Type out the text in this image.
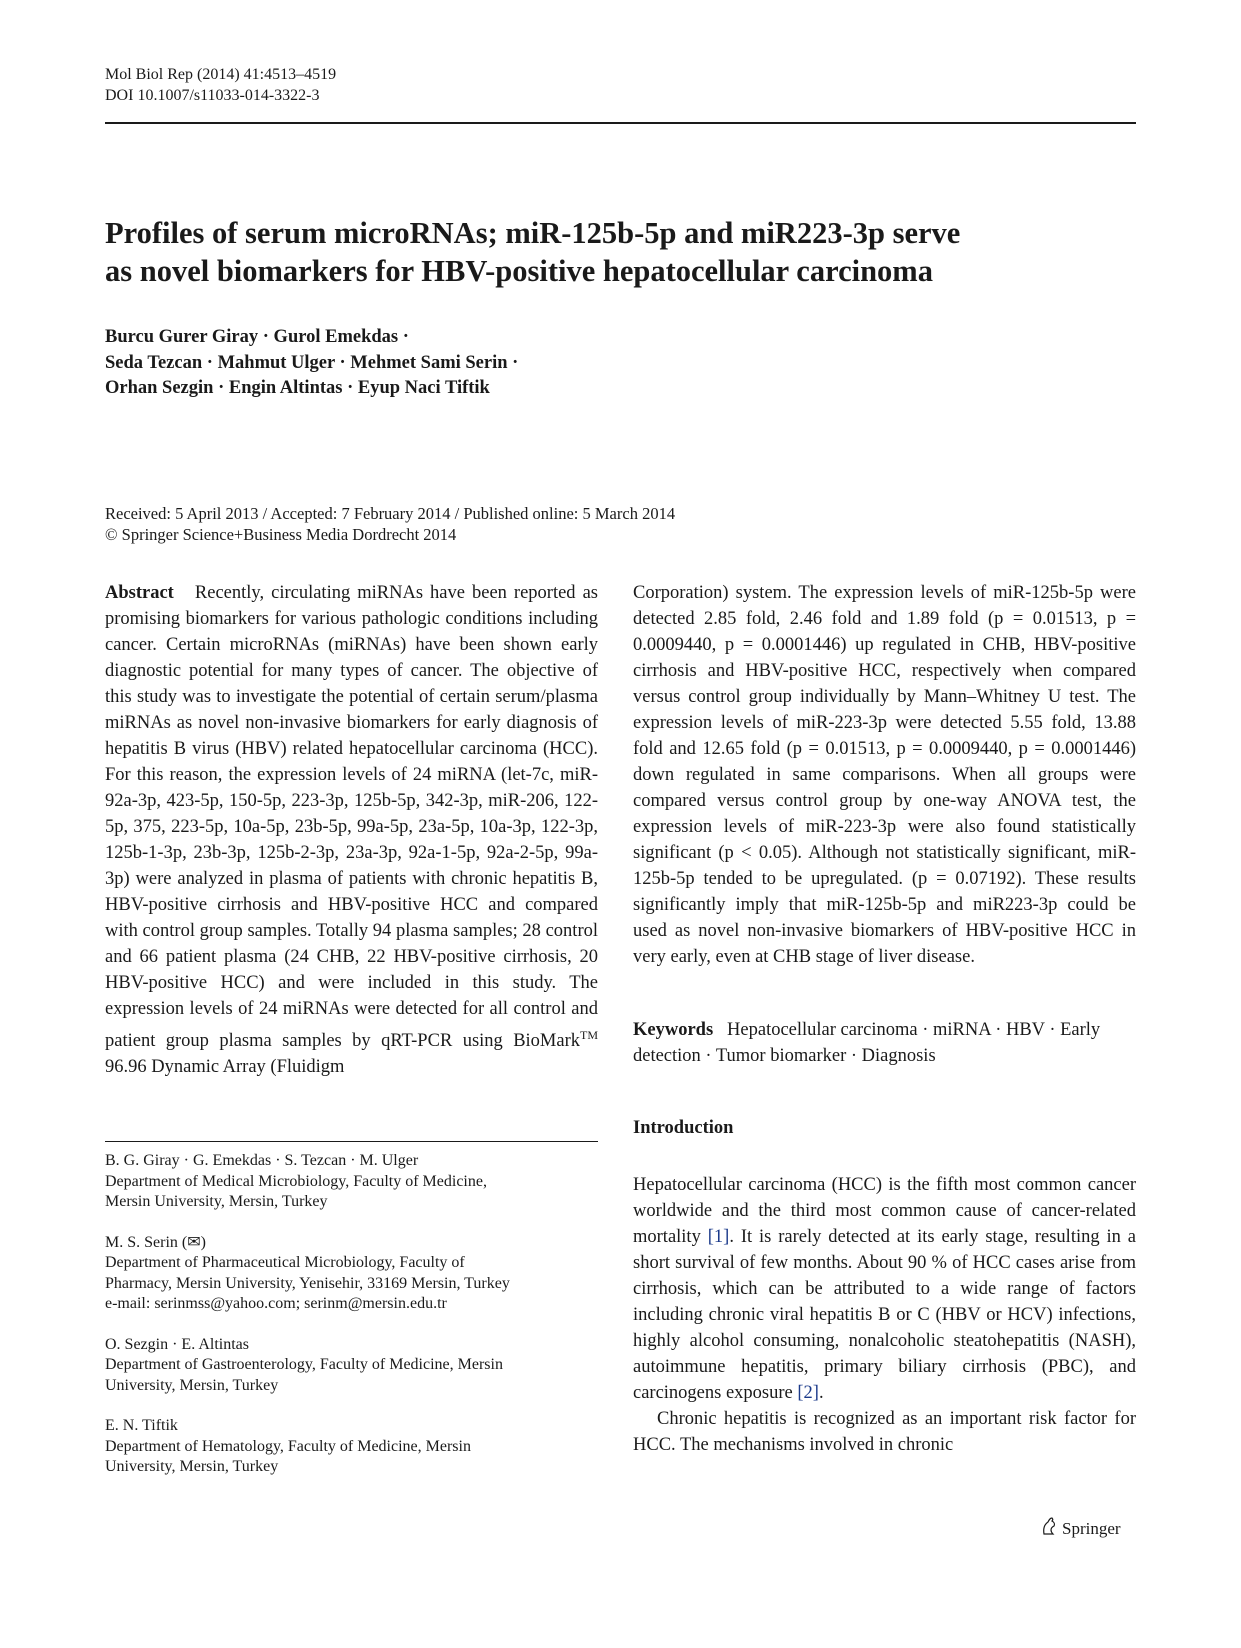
Mol Biol Rep (2014) 41:4513–4519
DOI 10.1007/s11033-014-3322-3
Profiles of serum microRNAs; miR-125b-5p and miR223-3p serve
as novel biomarkers for HBV-positive hepatocellular carcinoma
Burcu Gurer Giray · Gurol Emekdas ·
Seda Tezcan · Mahmut Ulger · Mehmet Sami Serin ·
Orhan Sezgin · Engin Altintas · Eyup Naci Tiftik
Received: 5 April 2013 / Accepted: 7 February 2014 / Published online: 5 March 2014
© Springer Science+Business Media Dordrecht 2014

Abstract Recently, circulating miRNAs have been reported as promising biomarkers for various pathologic conditions including cancer. Certain microRNAs (miRNAs) have been shown early diagnostic potential for many types of cancer. The objective of this study was to investigate the potential of certain serum/plasma miRNAs as novel non-invasive biomarkers for early diagnosis of hepatitis B virus (HBV) related hepatocellular carcinoma (HCC). For this reason, the expression levels of 24 miRNA (let-7c, miR-92a-3p, 423-5p, 150-5p, 223-3p, 125b-5p, 342-3p, miR-206, 122-5p, 375, 223-5p, 10a-5p, 23b-5p, 99a-5p, 23a-5p, 10a-3p, 122-3p, 125b-1-3p, 23b-3p, 125b-2-3p, 23a-3p, 92a-1-5p, 92a-2-5p, 99a-3p) were analyzed in plasma of patients with chronic hepatitis B, HBV-positive cirrhosis and HBV-positive HCC and compared with control group samples. Totally 94 plasma samples; 28 control and 66 patient plasma (24 CHB, 22 HBV-positive cirrhosis, 20 HBV-positive HCC) and were included in this study. The expression levels of 24 miRNAs were detected for all control and patient group plasma samples by qRT-PCR using BioMark™ 96.96 Dynamic Array (Fluidigm

Corporation) system. The expression levels of miR-125b-5p were detected 2.85 fold, 2.46 fold and 1.89 fold (p = 0.01513, p = 0.0009440, p = 0.0001446) up regulated in CHB, HBV-positive cirrhosis and HBV-positive HCC, respectively when compared versus control group individually by Mann–Whitney U test. The expression levels of miR-223-3p were detected 5.55 fold, 13.88 fold and 12.65 fold (p = 0.01513, p = 0.0009440, p = 0.0001446) down regulated in same comparisons. When all groups were compared versus control group by one-way ANOVA test, the expression levels of miR-223-3p were also found statistically significant (p < 0.05). Although not statistically significant, miR-125b-5p tended to be upregulated. (p = 0.07192). These results significantly imply that miR-125b-5p and miR223-3p could be used as novel non-invasive biomarkers of HBV-positive HCC in very early, even at CHB stage of liver disease.

Keywords Hepatocellular carcinoma · miRNA · HBV · Early detection · Tumor biomarker · Diagnosis
Introduction

Hepatocellular carcinoma (HCC) is the fifth most common cancer worldwide and the third most common cause of cancer-related mortality [1]. It is rarely detected at its early stage, resulting in a short survival of few months. About 90 % of HCC cases arise from cirrhosis, which can be attributed to a wide range of factors including chronic viral hepatitis B or C (HBV or HCV) infections, highly alcohol consuming, nonalcoholic steatohepatitis (NASH), autoimmune hepatitis, primary biliary cirrhosis (PBC), and carcinogens exposure [2].

Chronic hepatitis is recognized as an important risk factor for HCC. The mechanisms involved in chronic

B. G. Giray · G. Emekdas · S. Tezcan · M. Ulger
Department of Medical Microbiology, Faculty of Medicine,
Mersin University, Mersin, Turkey
M. S. Serin (✉)
Department of Pharmaceutical Microbiology, Faculty of
Pharmacy, Mersin University, Yenisehir, 33169 Mersin, Turkey
e-mail: serinmss@yahoo.com; serinm@mersin.edu.tr
O. Sezgin · E. Altintas
Department of Gastroenterology, Faculty of Medicine, Mersin
University, Mersin, Turkey
E. N. Tiftik
Department of Hematology, Faculty of Medicine, Mersin
University, Mersin, Turkey
Springer
